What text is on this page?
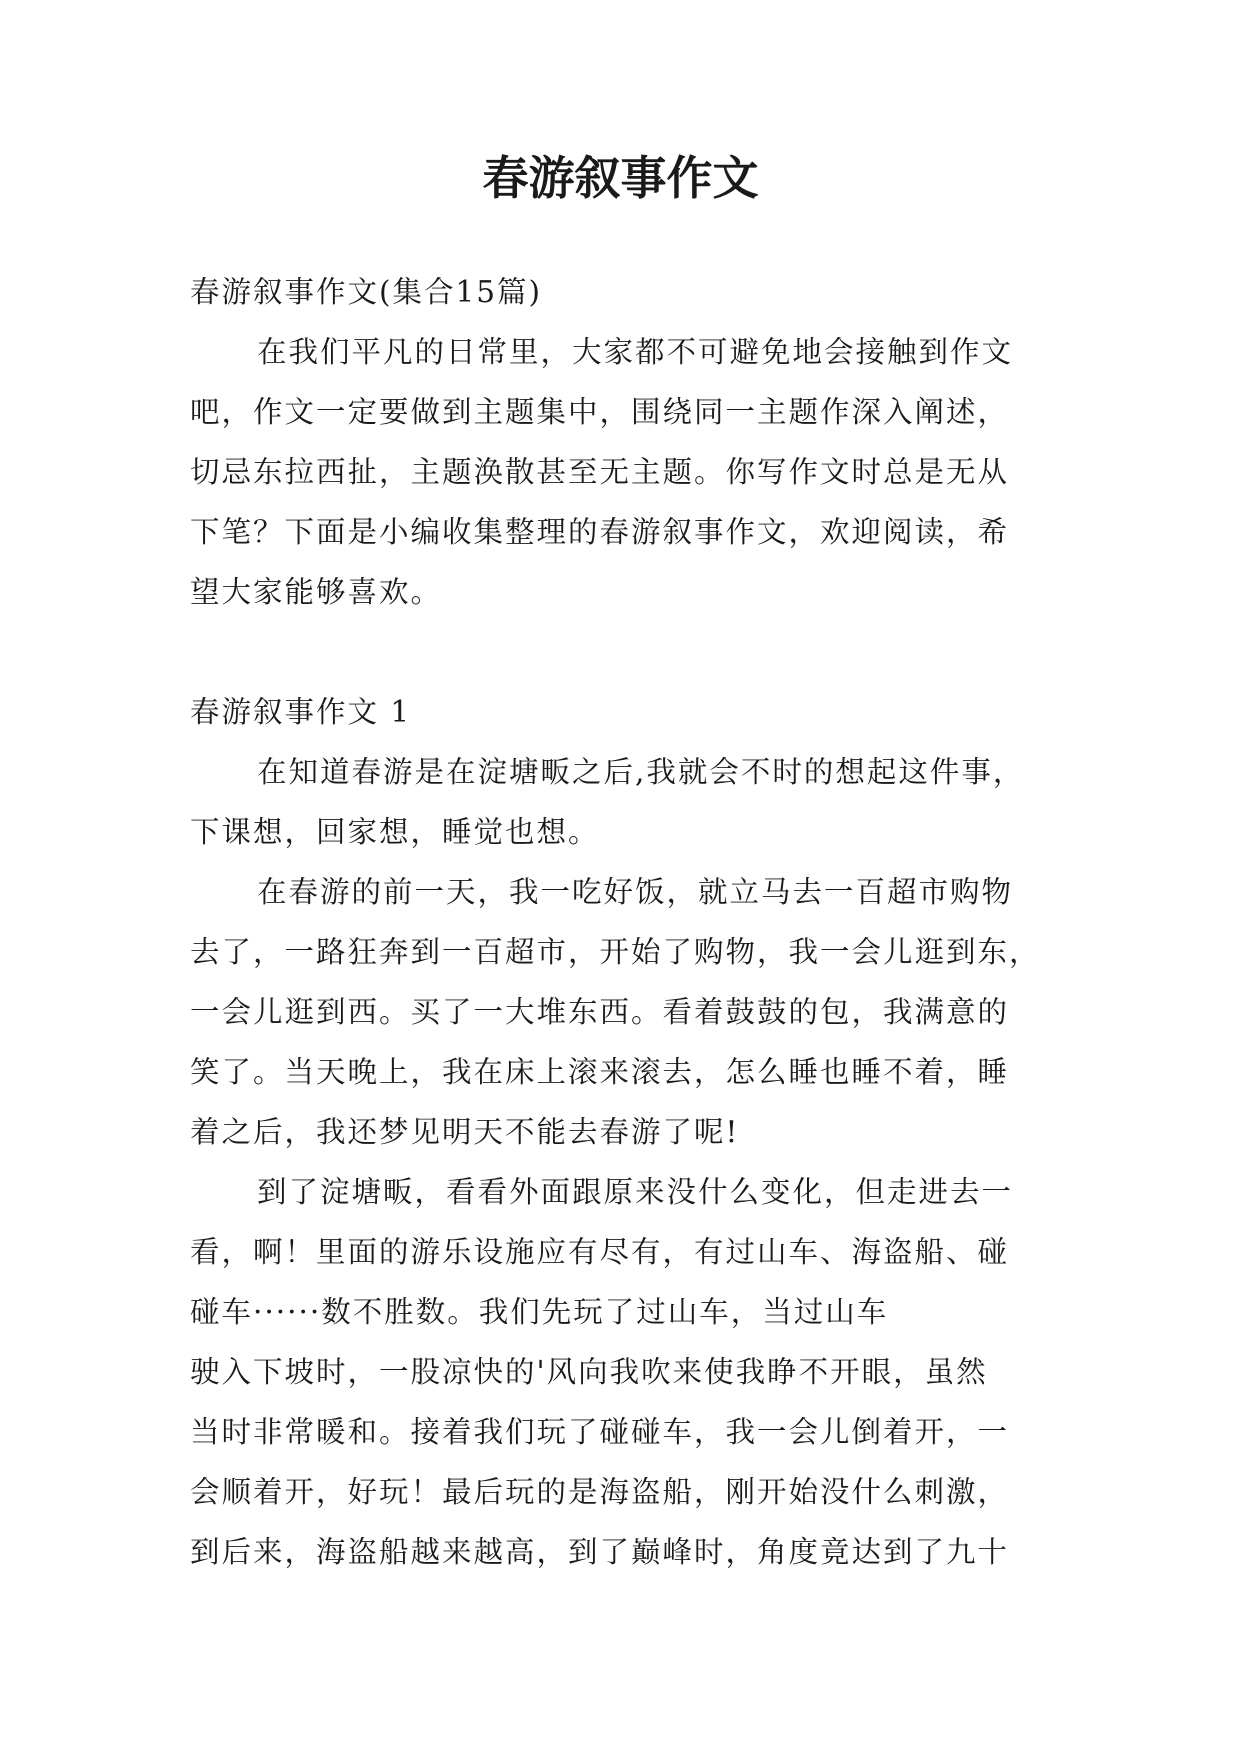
春游叙事作文
春游叙事作文(集合15篇)
在我们平凡的日常里，大家都不可避免地会接触到作文
吧，作文一定要做到主题集中，围绕同一主题作深入阐述，
切忌东拉西扯，主题涣散甚至无主题。你写作文时总是无从
下笔？下面是小编收集整理的春游叙事作文，欢迎阅读，希
望大家能够喜欢。
春游叙事作文 1
在知道春游是在淀塘畈之后,我就会不时的想起这件事，
下课想，回家想，睡觉也想。
在春游的前一天，我一吃好饭，就立马去一百超市购物
去了，一路狂奔到一百超市，开始了购物，我一会儿逛到东，
一会儿逛到西。买了一大堆东西。看着鼓鼓的包，我满意的
笑了。当天晚上，我在床上滚来滚去，怎么睡也睡不着，睡
着之后，我还梦见明天不能去春游了呢!
到了淀塘畈，看看外面跟原来没什么变化，但走进去一
看，啊！里面的游乐设施应有尽有，有过山车、海盗船、碰
碰车······数不胜数。我们先玩了过山车，当过山车
驶入下坡时，一股凉快的'风向我吹来使我睁不开眼，虽然
当时非常暖和。接着我们玩了碰碰车，我一会儿倒着开，一
会顺着开，好玩！最后玩的是海盗船，刚开始没什么刺激，
到后来，海盗船越来越高，到了巅峰时，角度竟达到了九十
